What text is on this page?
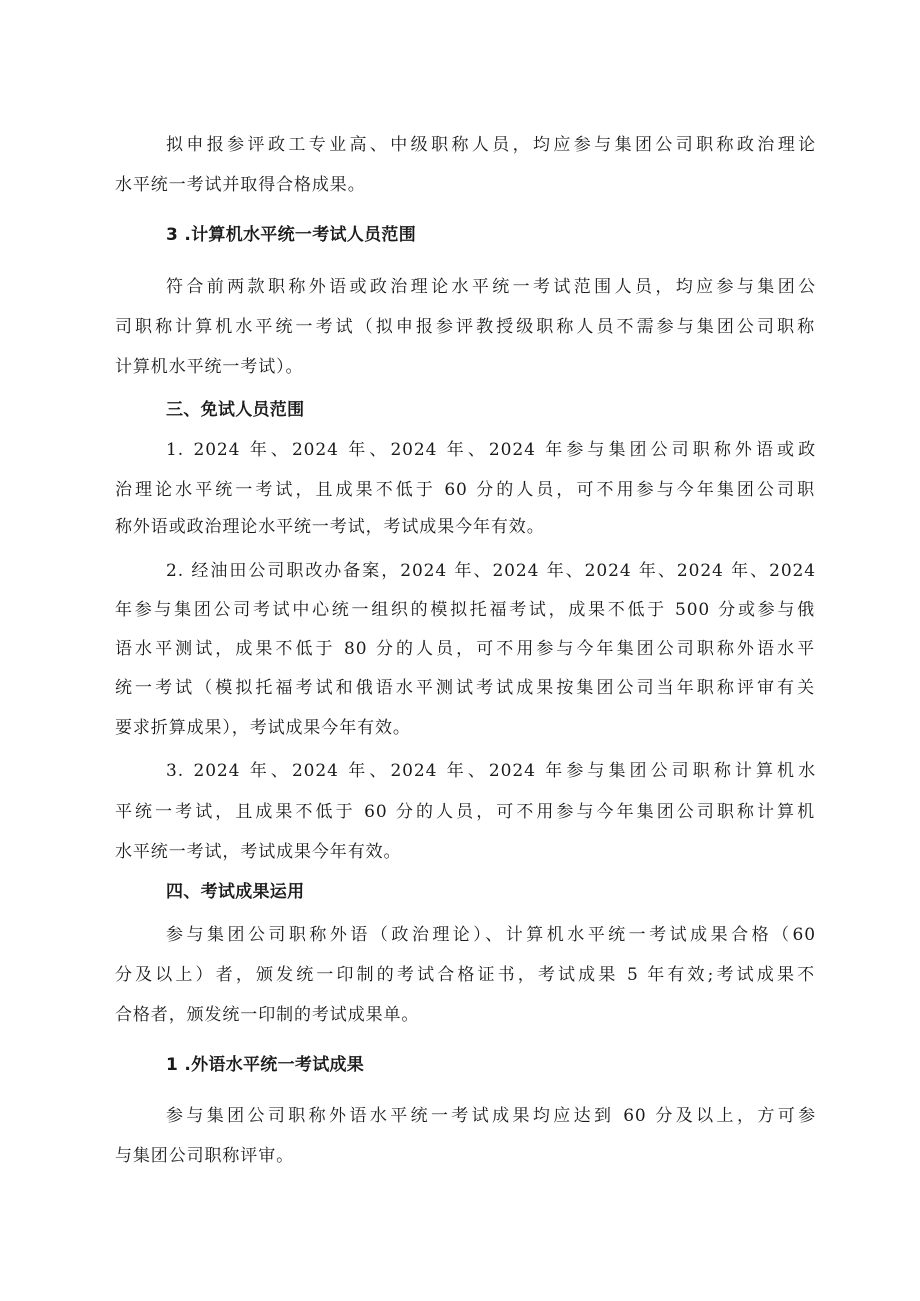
拟申报参评政工专业高、中级职称人员，均应参与集团公司职称政治理论
水平统一考试并取得合格成果。
3 .计算机水平统一考试人员范围
符合前两款职称外语或政治理论水平统一考试范围人员，均应参与集团公
司职称计算机水平统一考试（拟申报参评教授级职称人员不需参与集团公司职称
计算机水平统一考试）。
三、免试人员范围
1. 2024 年、2024 年、2024 年、2024 年参与集团公司职称外语或政
治理论水平统一考试，且成果不低于 60 分的人员，可不用参与今年集团公司职
称外语或政治理论水平统一考试，考试成果今年有效。
2. 经油田公司职改办备案，2024 年、2024 年、2024 年、2024 年、2024
年参与集团公司考试中心统一组织的模拟托福考试，成果不低于 500 分或参与俄
语水平测试，成果不低于 80 分的人员，可不用参与今年集团公司职称外语水平
统一考试（模拟托福考试和俄语水平测试考试成果按集团公司当年职称评审有关
要求折算成果），考试成果今年有效。
3. 2024 年、2024 年、2024 年、2024 年参与集团公司职称计算机水
平统一考试，且成果不低于 60 分的人员，可不用参与今年集团公司职称计算机
水平统一考试，考试成果今年有效。
四、考试成果运用
参与集团公司职称外语（政治理论）、计算机水平统一考试成果合格（60
分及以上）者，颁发统一印制的考试合格证书，考试成果 5 年有效;考试成果不
合格者，颁发统一印制的考试成果单。
1 .外语水平统一考试成果
参与集团公司职称外语水平统一考试成果均应达到 60 分及以上，方可参
与集团公司职称评审。
